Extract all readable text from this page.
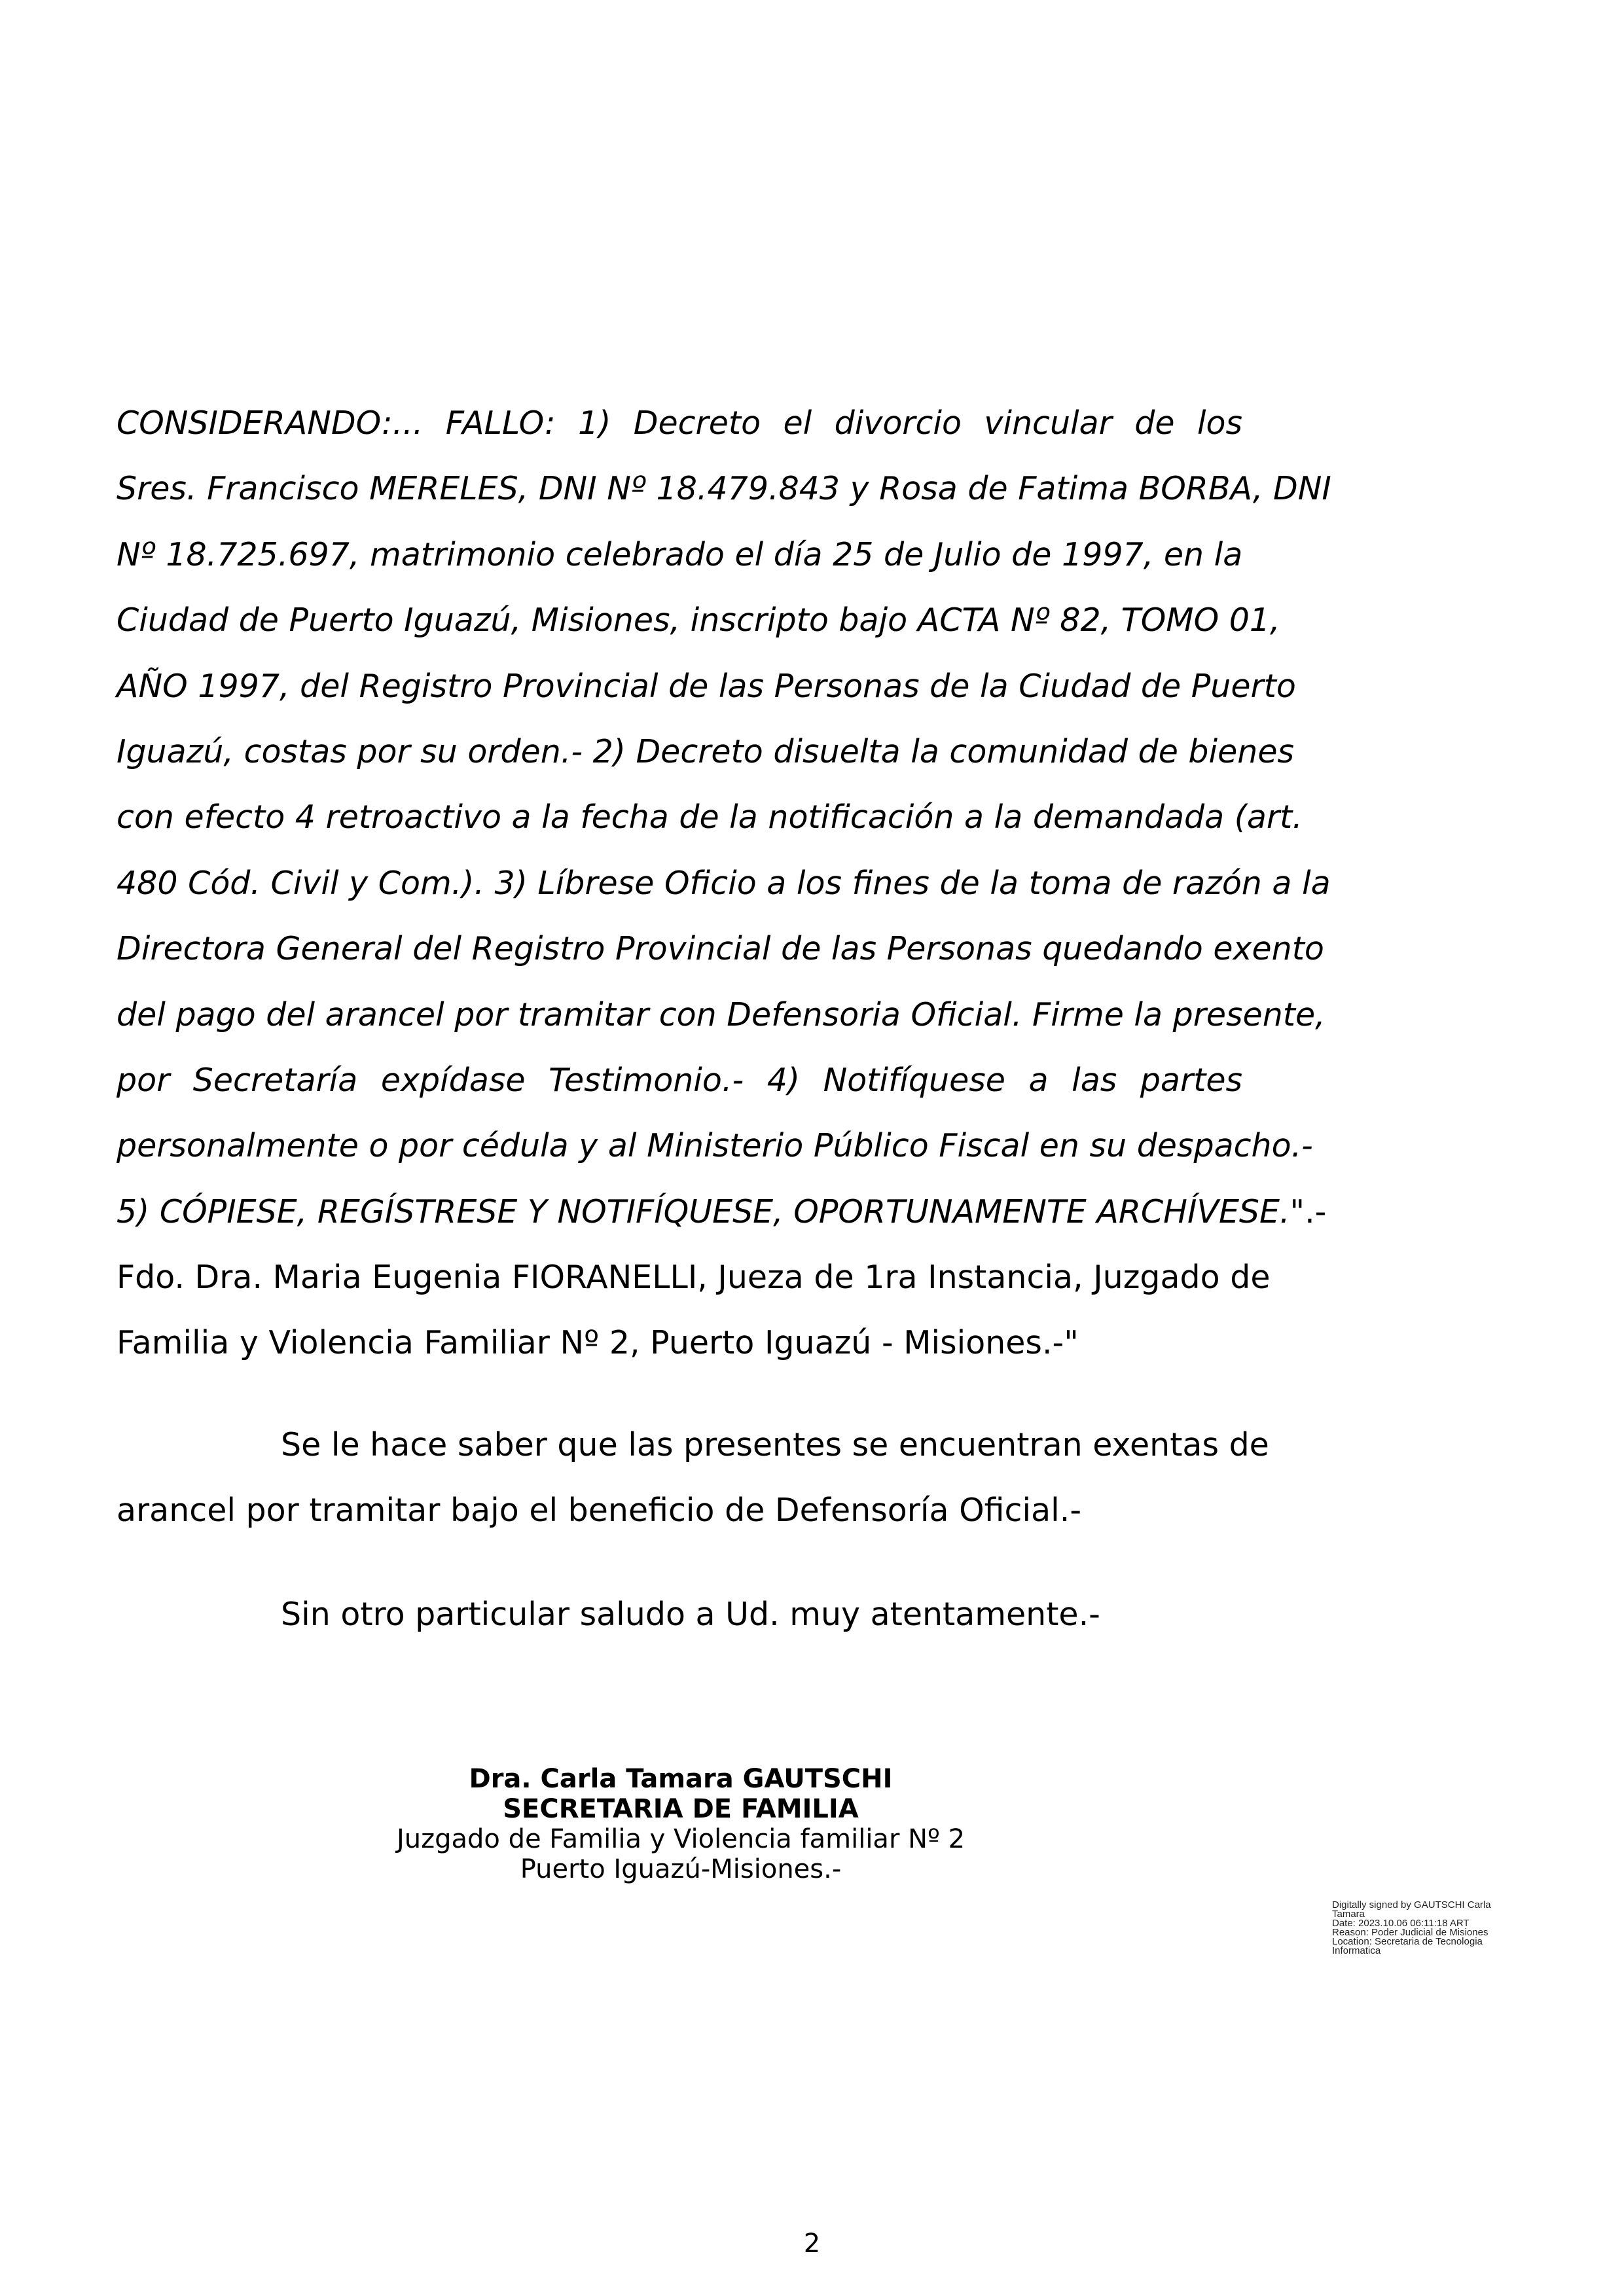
CONSIDERANDO:... FALLO: 1) Decreto el divorcio vincular de los
Sres. Francisco MERELES, DNI Nº 18.479.843 y Rosa de Fatima BORBA, DNI
Nº 18.725.697, matrimonio celebrado el día 25 de Julio de 1997, en la
Ciudad de Puerto Iguazú, Misiones, inscripto bajo ACTA Nº 82, TOMO 01,
AÑO 1997, del Registro Provincial de las Personas de la Ciudad de Puerto
Iguazú, costas por su orden.- 2) Decreto disuelta la comunidad de bienes
con efecto 4 retroactivo a la fecha de la notificación a la demandada (art.
480 Cód. Civil y Com.). 3) Líbrese Oficio a los fines de la toma de razón a la
Directora General del Registro Provincial de las Personas quedando exento
del pago del arancel por tramitar con Defensoria Oficial. Firme la presente,
por Secretaría expídase Testimonio.- 4) Notifíquese a las partes
personalmente o por cédula y al Ministerio Público Fiscal en su despacho.-
5) CÓPIESE, REGÍSTRESE Y NOTIFÍQUESE, OPORTUNAMENTE ARCHÍVESE.".-
Fdo. Dra. Maria Eugenia FIORANELLI, Jueza de 1ra Instancia, Juzgado de
Familia y Violencia Familiar Nº 2, Puerto Iguazú - Misiones.-"
Se le hace saber que las presentes se encuentran exentas de
arancel por tramitar bajo el beneficio de Defensoría Oficial.-
Sin otro particular saludo a Ud. muy atentamente.-
Dra. Carla Tamara GAUTSCHI
SECRETARIA DE FAMILIA
Juzgado de Familia y Violencia familiar Nº 2
Puerto Iguazú-Misiones.-
Digitally signed by GAUTSCHI Carla
Tamara
Date: 2023.10.06 06:11:18 ART
Reason: Poder Judicial de Misiones
Location: Secretaria de Tecnologia
Informatica
2
